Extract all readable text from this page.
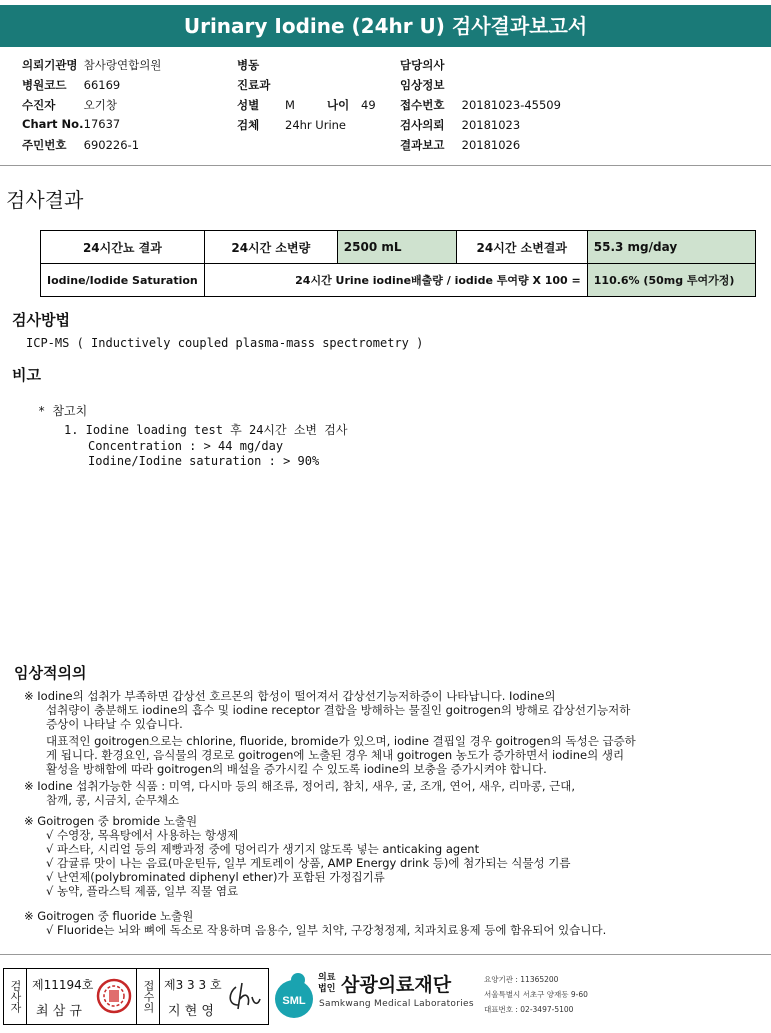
Urinary Iodine (24hr U) 검사결과보고서
의뢰기관명 참사랑연합의원
병원코드 66169
수진자 오기창
Chart No. 17637
주민번호 690226-1
병동
진료과
성별 M	나이 49
검체 24hr Urine
담당의사
임상정보
접수번호 20181023-45509
검사의뢰 20181023
결과보고 20181026
검사결과
24시간뇨 결과	24시간 소변량	2500 mL	24시간 소변결과	55.3 mg/day
Iodine/Iodide Saturation	24시간 Urine iodine배출량 / iodide 투여량 X 100 =			110.6% (50mg 투여가정)
검사방법
ICP-MS ( Inductively coupled plasma-mass spectrometry )
비고
* 참고치
1. Iodine loading test 후 24시간 소변 검사
Concentration : > 44 mg/day
Iodine/Iodine saturation : > 90%
임상적의의
※ Iodine의 섭취가 부족하면 갑상선 호르몬의 합성이 떨어져서 갑상선기능저하증이 나타납니다. Iodine의
섭취량이 충분해도 iodine의 흡수 및 iodine receptor 결합을 방해하는 물질인 goitrogen의 방해로 갑상선기능저하
증상이 나타날 수 있습니다.
대표적인 goitrogen으로는 chlorine, fluoride, bromide가 있으며, iodine 결핍일 경우 goitrogen의 독성은 급증하
게 됩니다. 환경요인, 음식물의 경로로 goitrogen에 노출된 경우 체내 goitrogen 농도가 증가하면서 iodine의 생리
활성을 방해함에 따라 goitrogen의 배설을 증가시킬 수 있도록 iodine의 보충을 증가시켜야 합니다.
※ Iodine 섭취가능한 식품 : 미역, 다시마 등의 해조류, 정어리, 참치, 새우, 굴, 조개, 연어, 새우, 리마콩, 근대,
참깨, 콩, 시금치, 순무채소
※ Goitrogen 중 bromide 노출원
√ 수영장, 목욕탕에서 사용하는 항생제
√ 파스타, 시리얼 등의 제빵과정 중에 덩어리가 생기지 않도록 넣는 anticaking agent
√ 감귤류 맛이 나는 음료(마운틴듀, 일부 게토레이 상품, AMP Energy drink 등)에 첨가되는 식물성 기름
√ 난연제(polybrominated diphenyl ether)가 포함된 가정집기류
√ 농약, 플라스틱 제품, 일부 직물 염료
※ Goitrogen 중 fluoride 노출원
√ Fluoride는 뇌와 뼈에 독소로 작용하며 음용수, 일부 치약, 구강청정제, 치과치료용제 등에 함유되어 있습니다.
검사자 제11194호
최 삼 규	접수의 제3 3 3 호
지 현 영
SML
의료법인 삼광의료재단
Samkwang Medical Laboratories
요양기관 : 11365200
서울특별시 서초구 양재동 9-60
대표번호 : 02-3497-5100
